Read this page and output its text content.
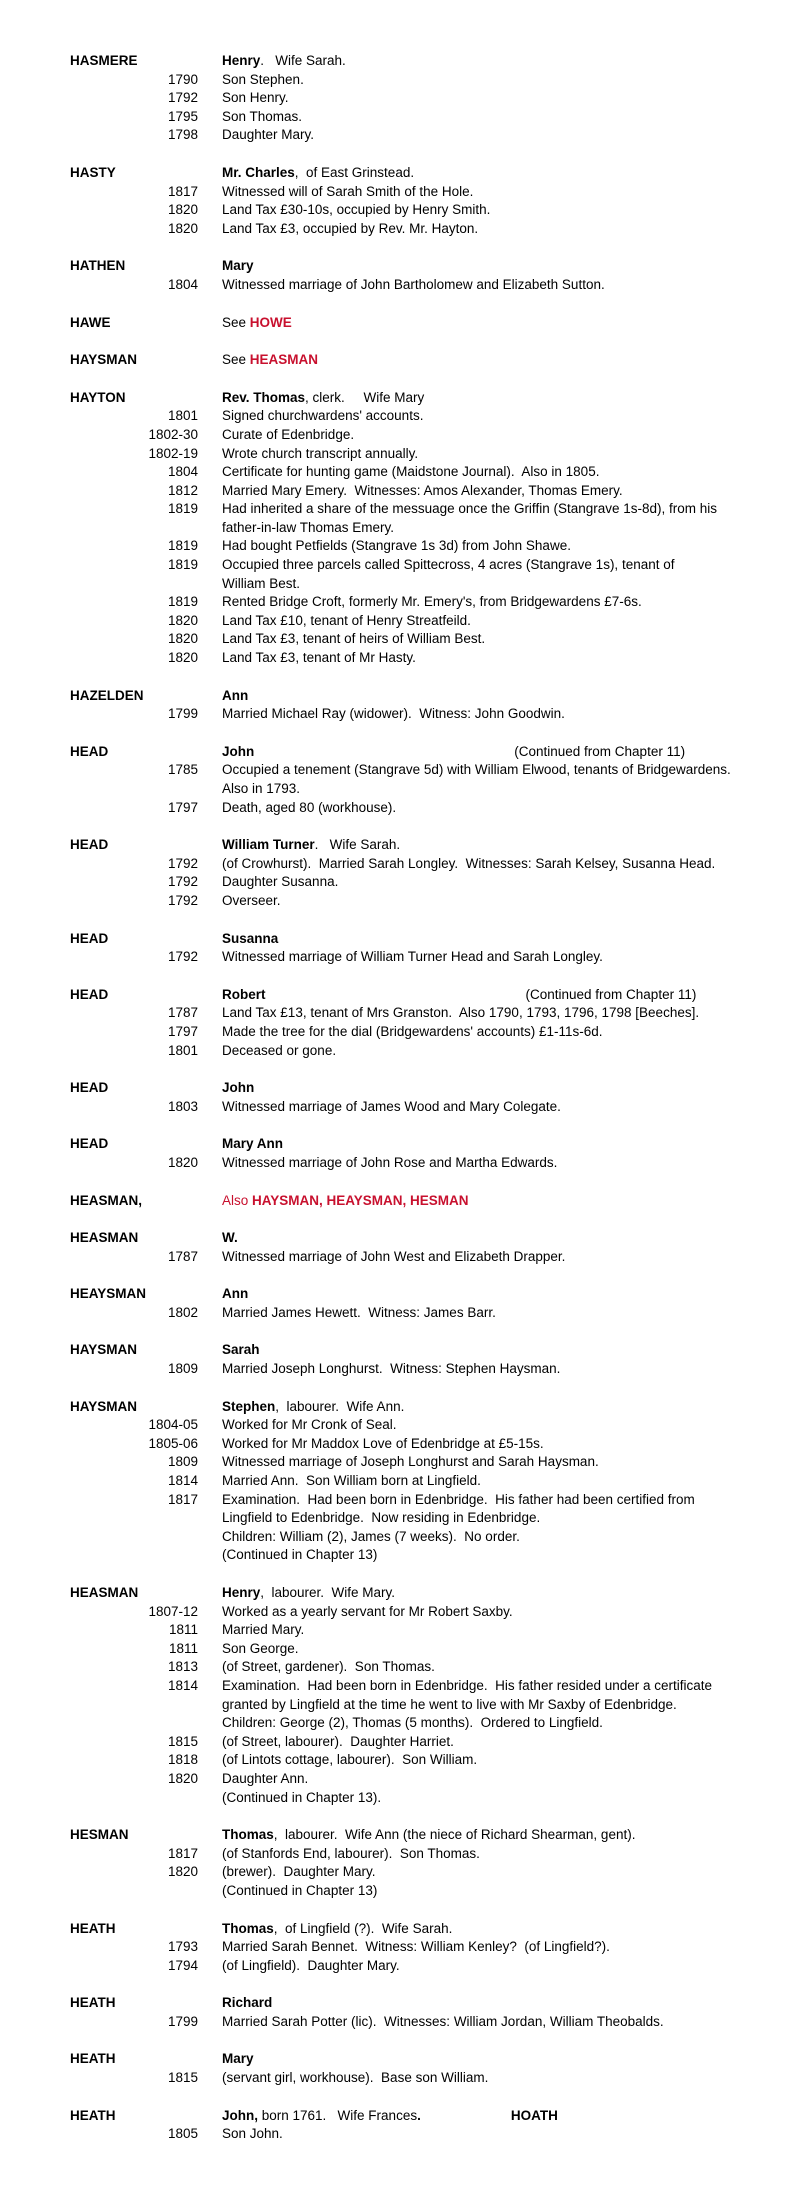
HASMERE	Henry.   Wife Sarah.
1790	Son Stephen.
1792	Son Henry.
1795	Son Thomas.
1798	Daughter Mary.
HASTY	Mr. Charles,  of East Grinstead.
1817	Witnessed will of Sarah Smith of the Hole.
1820	Land Tax £30-10s, occupied by Henry Smith.
1820	Land Tax £3, occupied by Rev. Mr. Hayton.
HATHEN	Mary
1804	Witnessed marriage of John Bartholomew and Elizabeth Sutton.
HAWE	See HOWE
HAYSMAN	See HEASMAN
HAYTON	Rev. Thomas, clerk.     Wife Mary
1801	Signed churchwardens' accounts.
1802-30	Curate of Edenbridge.
1802-19	Wrote church transcript annually.
1804	Certificate for hunting game (Maidstone Journal).  Also in 1805.
1812	Married Mary Emery.  Witnesses: Amos Alexander, Thomas Emery.
1819	Had inherited a share of the messuage once the Griffin (Stangrave 1s-8d), from his
father-in-law Thomas Emery.
1819	Had bought Petfields (Stangrave 1s 3d) from John Shawe.
1819	Occupied three parcels called Spittecross, 4 acres (Stangrave 1s), tenant of
William Best.
1819	Rented Bridge Croft, formerly Mr. Emery's, from Bridgewardens £7-6s.
1820	Land Tax £10, tenant of Henry Streatfeild.
1820	Land Tax £3, tenant of heirs of William Best.
1820	Land Tax £3, tenant of Mr Hasty.
HAZELDEN	Ann
1799	Married Michael Ray (widower).  Witness: John Goodwin.
HEAD	John	(Continued from Chapter 11)
1785	Occupied a tenement (Stangrave 5d) with William Elwood, tenants of Bridgewardens.
Also in 1793.
1797	Death, aged 80 (workhouse).
HEAD	William Turner.   Wife Sarah.
1792	(of Crowhurst).  Married Sarah Longley.  Witnesses: Sarah Kelsey, Susanna Head.
1792	Daughter Susanna.
1792	Overseer.
HEAD	Susanna
1792	Witnessed marriage of William Turner Head and Sarah Longley.
HEAD	Robert	(Continued from Chapter 11)
1787	Land Tax £13, tenant of Mrs Granston.  Also 1790, 1793, 1796, 1798 [Beeches].
1797	Made the tree for the dial (Bridgewardens' accounts) £1-11s-6d.
1801	Deceased or gone.
HEAD	John
1803	Witnessed marriage of James Wood and Mary Colegate.
HEAD	Mary Ann
1820	Witnessed marriage of John Rose and Martha Edwards.
HEASMAN,	Also HAYSMAN, HEAYSMAN, HESMAN
HEASMAN	W.
1787	Witnessed marriage of John West and Elizabeth Drapper.
HEAYSMAN	Ann
1802	Married James Hewett.  Witness: James Barr.
HAYSMAN	Sarah
1809	Married Joseph Longhurst.  Witness: Stephen Haysman.
HAYSMAN	Stephen,  labourer.  Wife Ann.
1804-05	Worked for Mr Cronk of Seal.
1805-06	Worked for Mr Maddox Love of Edenbridge at £5-15s.
1809	Witnessed marriage of Joseph Longhurst and Sarah Haysman.
1814	Married Ann.  Son William born at Lingfield.
1817	Examination.  Had been born in Edenbridge.  His father had been certified from
Lingfield to Edenbridge.  Now residing in Edenbridge.
Children: William (2), James (7 weeks).  No order.
(Continued in Chapter 13)
HEASMAN	Henry,  labourer.  Wife Mary.
1807-12	Worked as a yearly servant for Mr Robert Saxby.
1811	Married Mary.
1811	Son George.
1813	(of Street, gardener).  Son Thomas.
1814	Examination.  Had been born in Edenbridge.  His father resided under a certificate
granted by Lingfield at the time he went to live with Mr Saxby of Edenbridge.
Children: George (2), Thomas (5 months).  Ordered to Lingfield.
1815	(of Street, labourer).  Daughter Harriet.
1818	(of Lintots cottage, labourer).  Son William.
1820	Daughter Ann.
(Continued in Chapter 13).
HESMAN	Thomas,  labourer.  Wife Ann (the niece of Richard Shearman, gent).
1817	(of Stanfords End, labourer).  Son Thomas.
1820	(brewer).  Daughter Mary.
(Continued in Chapter 13)
HEATH	Thomas,  of Lingfield (?).  Wife Sarah.
1793	Married Sarah Bennet.  Witness: William Kenley?  (of Lingfield?).
1794	(of Lingfield).  Daughter Mary.
HEATH	Richard
1799	Married Sarah Potter (lic).  Witnesses: William Jordan, William Theobalds.
HEATH	Mary
1815	(servant girl, workhouse).  Base son William.
HEATH	John, born 1761.   Wife Frances.	HOATH
1805	Son John.
